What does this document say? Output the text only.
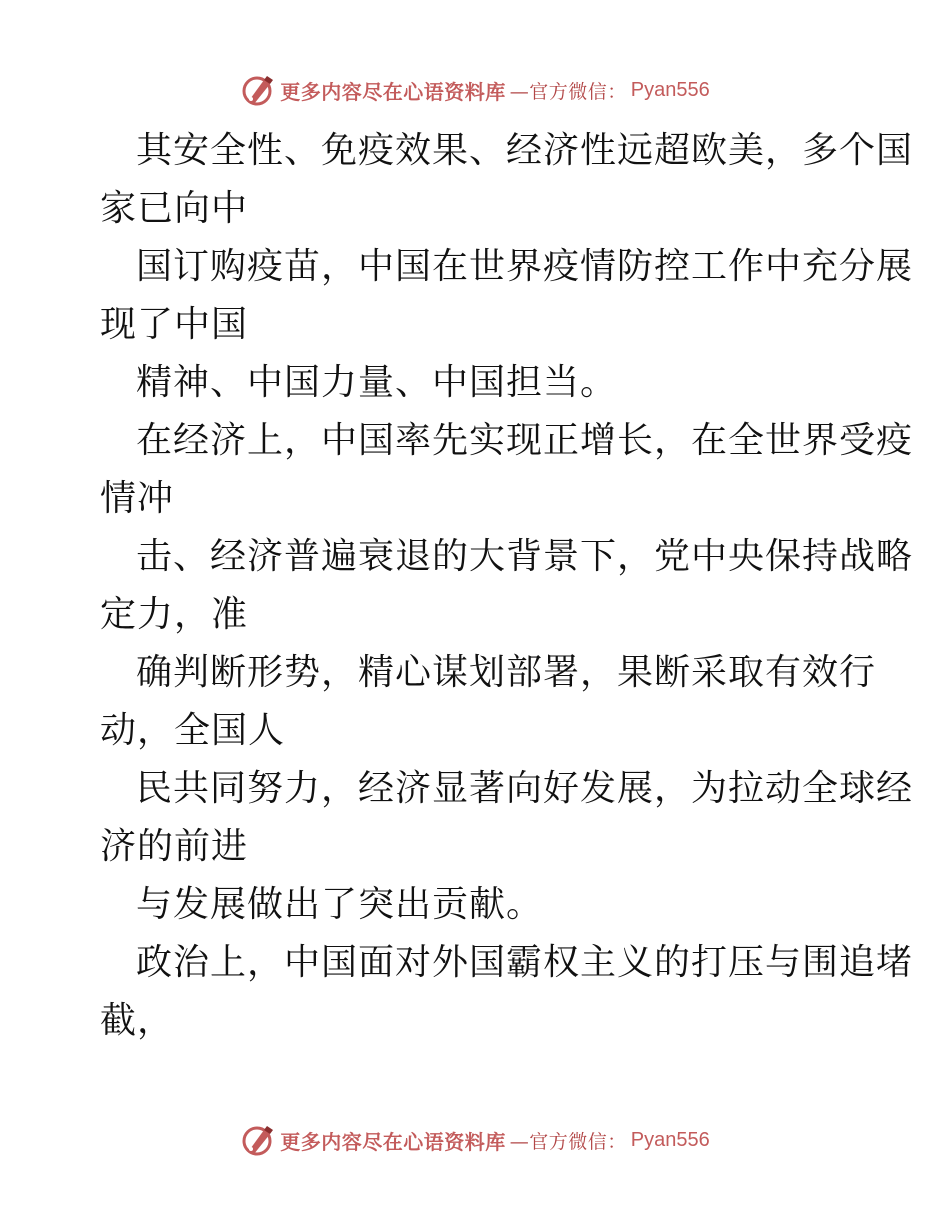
更多内容尽在心语资料库 —官方微信： Pyan556
其安全性、免疫效果、经济性远超欧美，多个国
家已向中
国订购疫苗，中国在世界疫情防控工作中充分展
现了中国
精神、中国力量、中国担当。
在经济上，中国率先实现正增长，在全世界受疫
情冲
击、经济普遍衰退的大背景下，党中央保持战略
定力，准
确判断形势，精心谋划部署，果断采取有效行
动，全国人
民共同努力，经济显著向好发展，为拉动全球经
济的前进
与发展做出了突出贡献。
政治上，中国面对外国霸权主义的打压与围追堵
截，
更多内容尽在心语资料库 —官方微信： Pyan556
